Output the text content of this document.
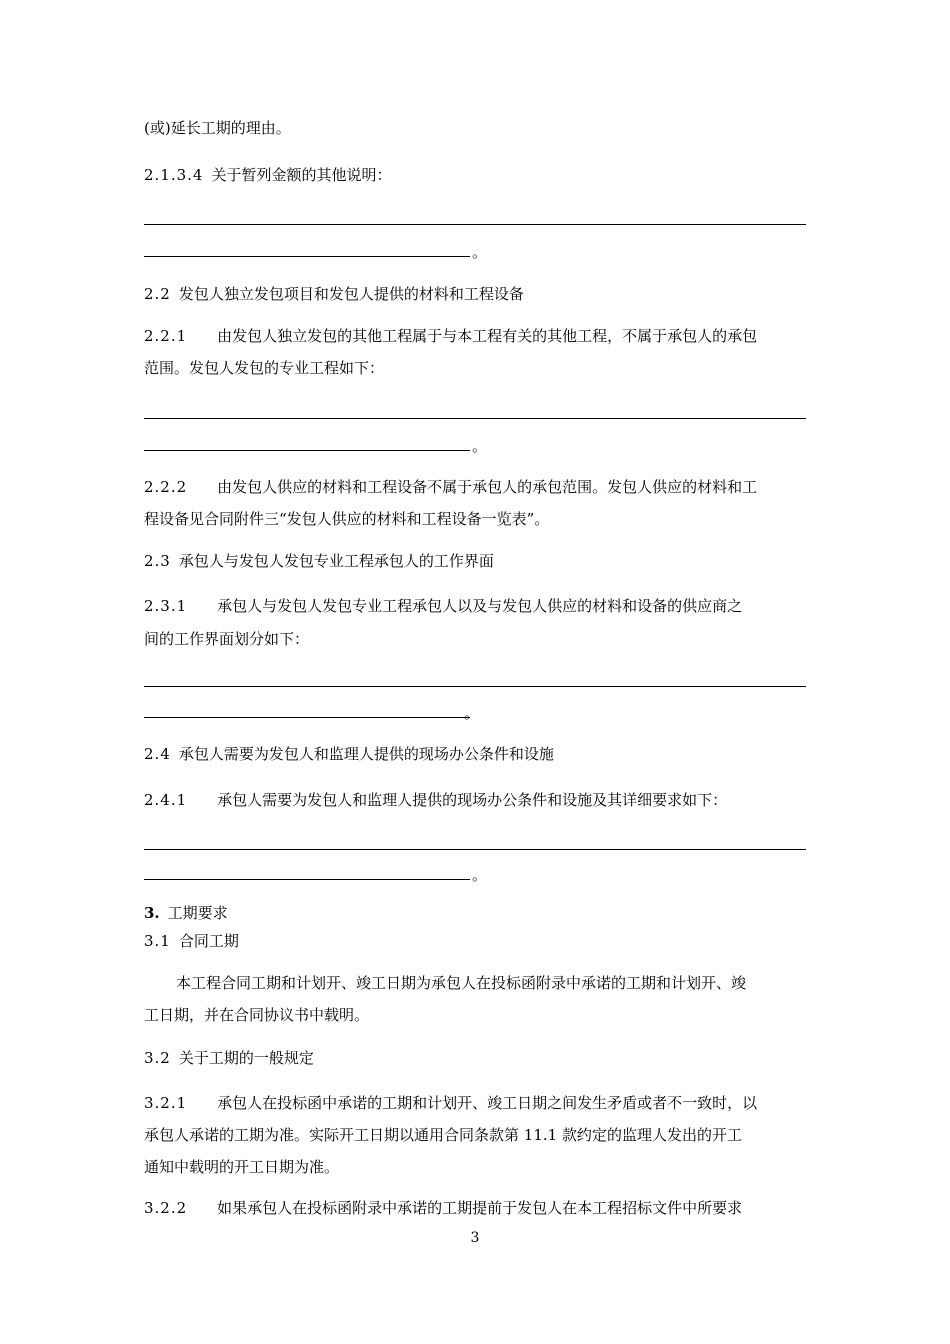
(或)延长工期的理由。
2.1.3.4 关于暂列金额的其他说明：
。
2.2 发包人独立发包项目和发包人提供的材料和工程设备
2.2.1 由发包人独立发包的其他工程属于与本工程有关的其他工程，不属于承包人的承包
范围。发包人发包的专业工程如下：
。
2.2.2 由发包人供应的材料和工程设备不属于承包人的承包范围。发包人供应的材料和工
程设备见合同附件三“发包人供应的材料和工程设备一览表”。
2.3 承包人与发包人发包专业工程承包人的工作界面
2.3.1 承包人与发包人发包专业工程承包人以及与发包人供应的材料和设备的供应商之
间的工作界面划分如下：
。
2.4 承包人需要为发包人和监理人提供的现场办公条件和设施
2.4.1 承包人需要为发包人和监理人提供的现场办公条件和设施及其详细要求如下：
。
3. 工期要求
3.1 合同工期
本工程合同工期和计划开、竣工日期为承包人在投标函附录中承诺的工期和计划开、竣
工日期，并在合同协议书中载明。
3.2 关于工期的一般规定
3.2.1 承包人在投标函中承诺的工期和计划开、竣工日期之间发生矛盾或者不一致时，以
承包人承诺的工期为准。实际开工日期以通用合同条款第 11.1 款约定的监理人发出的开工
通知中载明的开工日期为准。
3.2.2 如果承包人在投标函附录中承诺的工期提前于发包人在本工程招标文件中所要求
3
